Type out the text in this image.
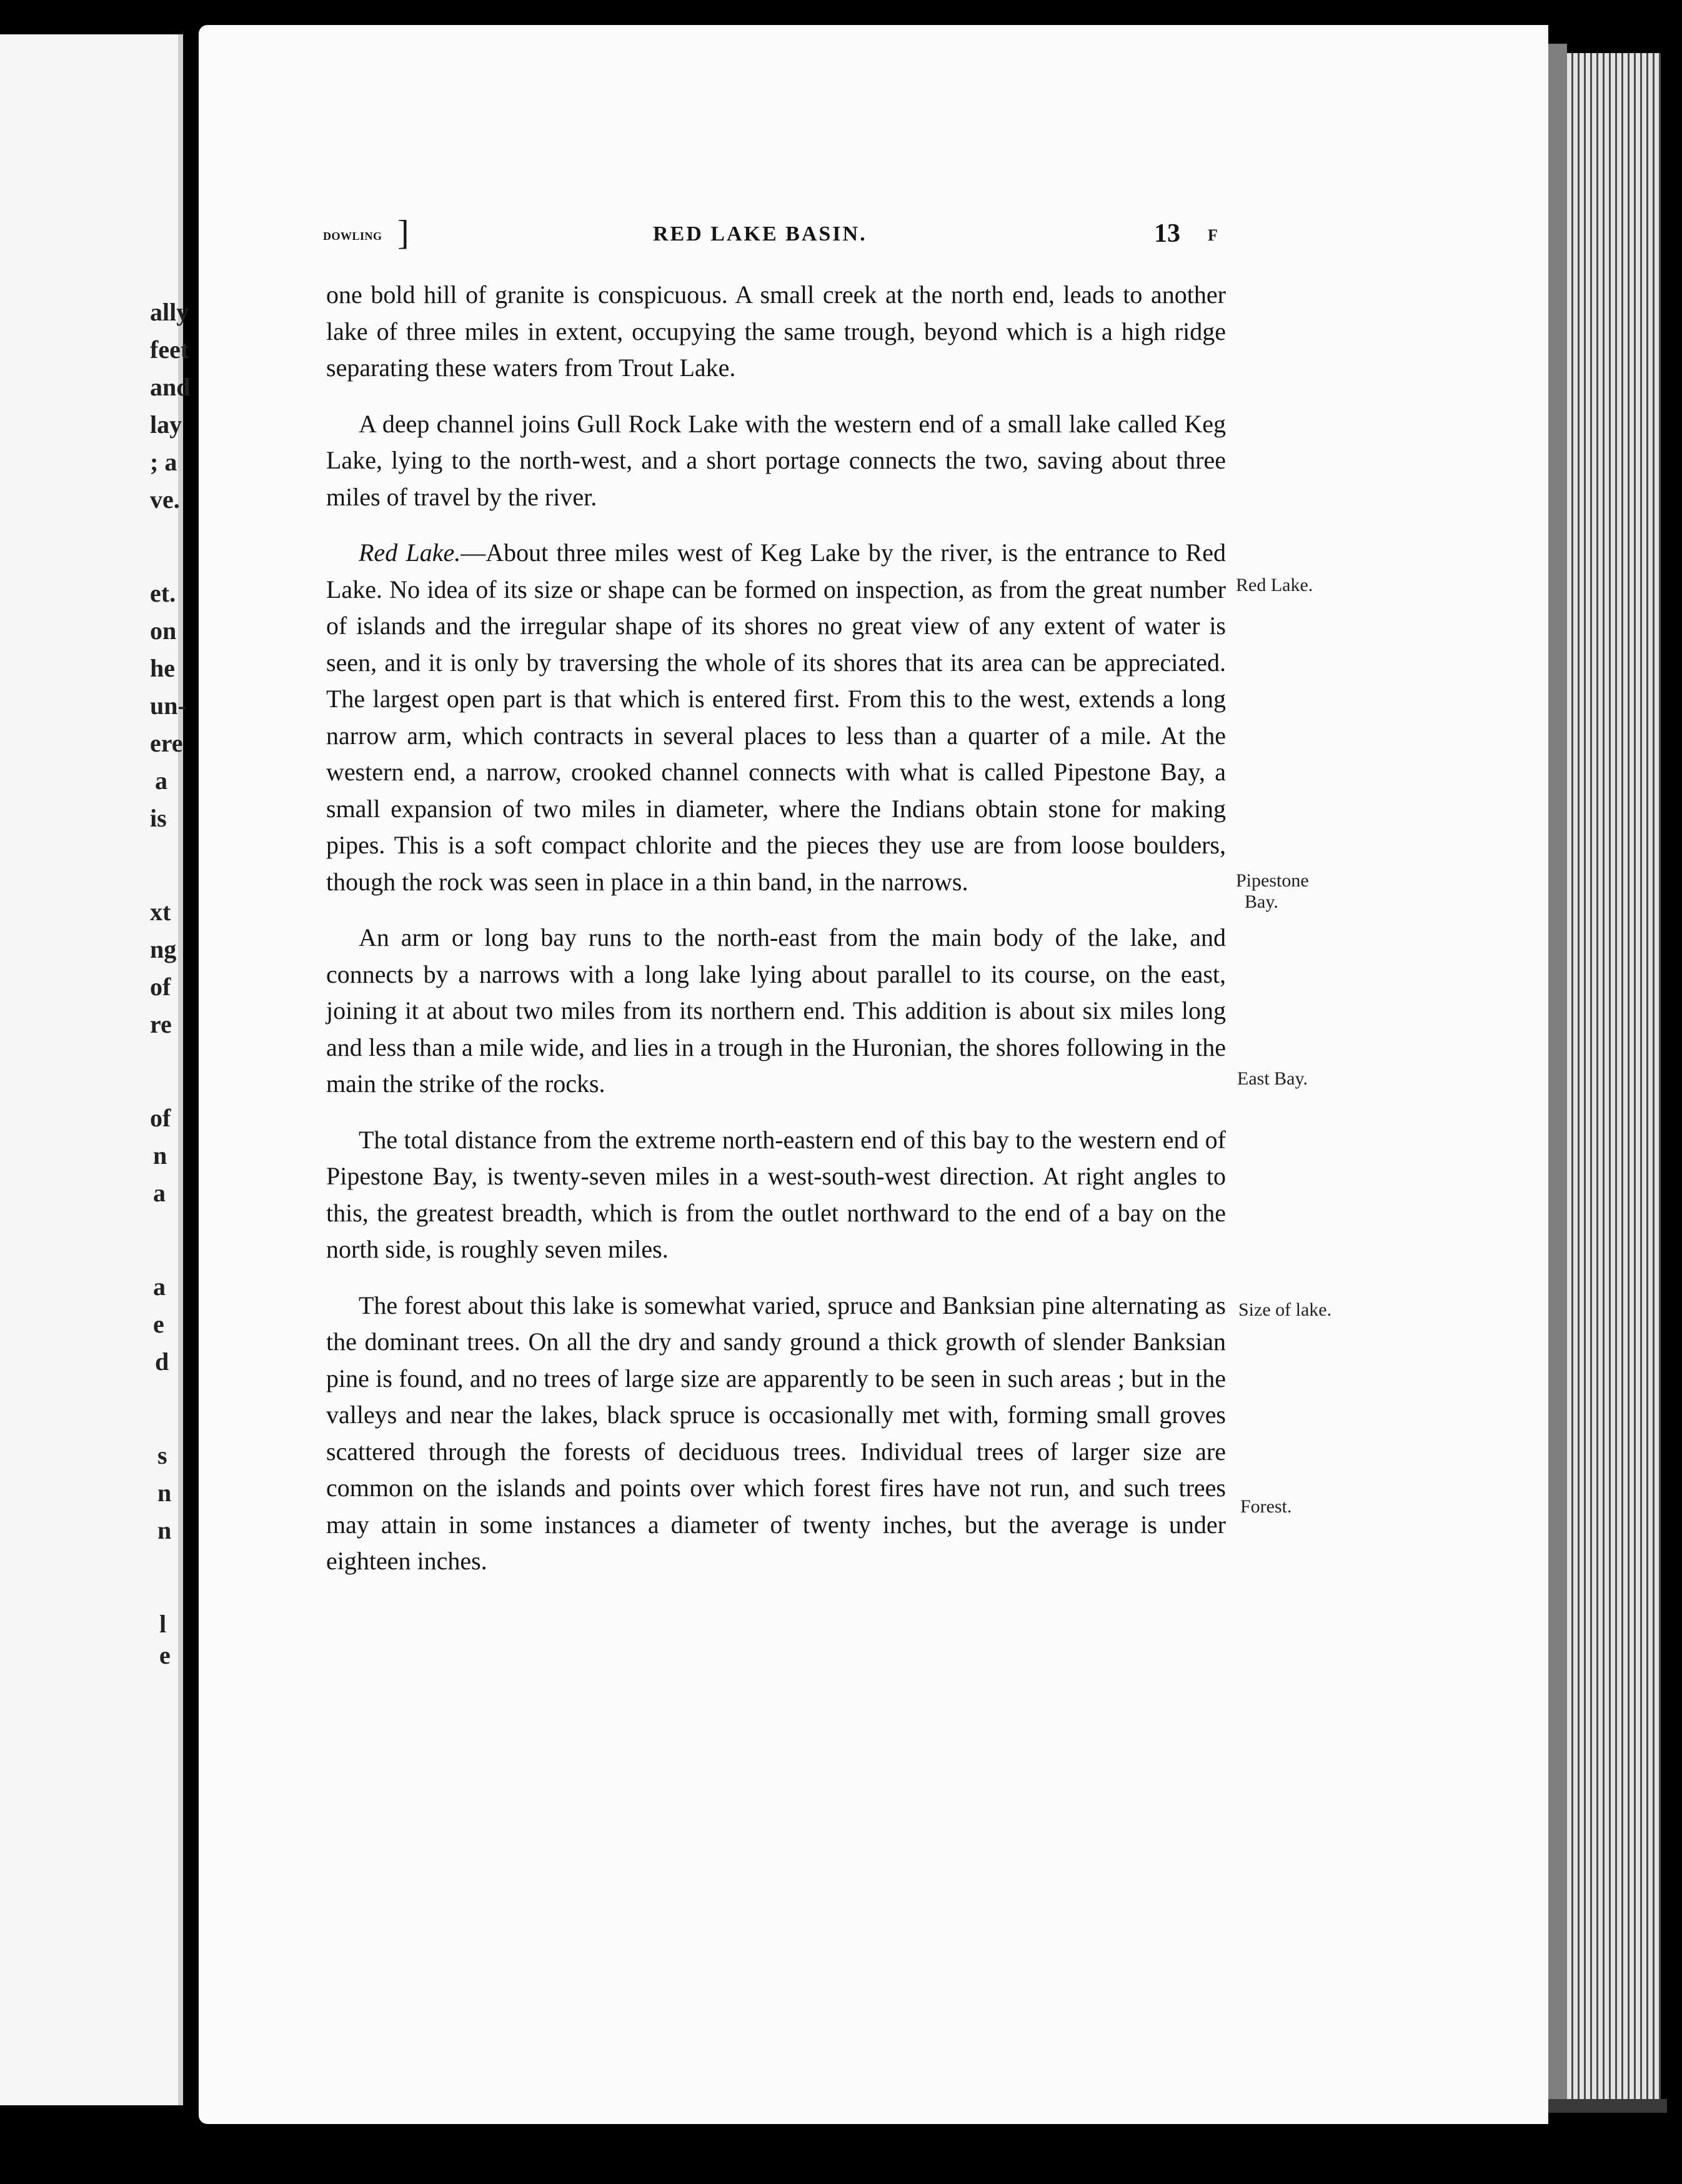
ally
feet
and
lay
; a
ve.
et.
on
he
un-
ere
a
is
xt
ng
of
re
of
n
a
a
e
d
s
n
n
l
e
DOWLING ]	RED LAKE BASIN.	13 F

one bold hill of granite is conspicuous. A small creek at the north end, leads to another lake of three miles in extent, occupying the same trough, beyond which is a high ridge separating these waters from Trout Lake.

A deep channel joins Gull Rock Lake with the western end of a small lake called Keg Lake, lying to the north-west, and a short portage connects the two, saving about three miles of travel by the river.

Red Lake.—About three miles west of Keg Lake by the river, is the entrance to Red Lake. No idea of its size or shape can be formed on inspection, as from the great number of islands and the irregular shape of its shores no great view of any extent of water is seen, and it is only by traversing the whole of its shores that its area can be appreciated. The largest open part is that which is entered first. From this to the west, extends a long narrow arm, which contracts in several places to less than a quarter of a mile. At the western end, a narrow, crooked channel connects with what is called Pipestone Bay, a small expansion of two miles in diameter, where the Indians obtain stone for making pipes. This is a soft compact chlorite and the pieces they use are from loose boulders, though the rock was seen in place in a thin band, in the narrows.

An arm or long bay runs to the north-east from the main body of the lake, and connects by a narrows with a long lake lying about parallel to its course, on the east, joining it at about two miles from its northern end. This addition is about six miles long and less than a mile wide, and lies in a trough in the Huronian, the shores following in the main the strike of the rocks.

The total distance from the extreme north-eastern end of this bay to the western end of Pipestone Bay, is twenty-seven miles in a west-south-west direction. At right angles to this, the greatest breadth, which is from the outlet northward to the end of a bay on the north side, is roughly seven miles.

The forest about this lake is somewhat varied, spruce and Banksian pine alternating as the dominant trees. On all the dry and sandy ground a thick growth of slender Banksian pine is found, and no trees of large size are apparently to be seen in such areas ; but in the valleys and near the lakes, black spruce is occasionally met with, forming small groves scattered through the forests of deciduous trees. Individual trees of larger size are common on the islands and points over which forest fires have not run, and such trees may attain in some instances a diameter of twenty inches, but the average is under eighteen inches.

Red Lake.
Pipestone
Bay.
East Bay.
Size of lake.
Forest.
